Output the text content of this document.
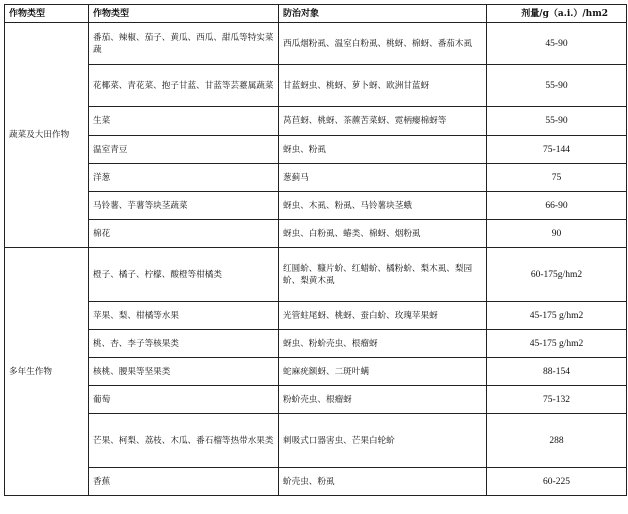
作物类型	作物类型	防治对象	剂量/g（a.i.）/hm2
蔬菜及大田作物	番茄、辣椒、茄子、黄瓜、西瓜、甜瓜等特实菜蔬	西瓜烟粉虱、温室白粉虱、桃蚜、棉蚜、番茄木虱	45-90
	花椰菜、青花菜、抱子甘蓝、甘蓝等芸薹属蔬菜	甘蓝蚜虫、桃蚜、萝卜蚜、欧洲甘蓝蚜	55-90
	生菜	莴苣蚜、桃蚜、茶藨苦菜蚜、霓柄瘿棉蚜等	55-90
	温室青豆	蚜虫、粉虱	75-144
	洋葱	葱蓟马	75
	马铃薯、芋薯等块茎蔬菜	蚜虫、木虱、粉虱、马铃薯块茎蛾	66-90
	棉花	蚜虫、白粉虱、蝽类、棉蚜、烟粉虱	90
多年生作物	橙子、橘子、柠檬、酸橙等柑橘类	红圆蚧、糠片蚧、红蜡蚧、橘粉蚧、梨木虱、梨园蚧、梨黄木虱	60-175g/hm2
	苹果、梨、柑橘等水果	光管蛀尾蚜、桃蚜、蚕白蚧、玫瑰苹果蚜	45-175 g/hm2
	桃、杏、李子等核果类	蚜虫、粉蚧壳虫、根瘤蚜	45-175 g/hm2
	核桃、腰果等坚果类	蛇麻疣额蚜、二斑叶螨	88-154
	葡萄	粉蚧壳虫、根瘤蚜	75-132
	芒果、柯梨、荔枝、木瓜、番石榴等热带水果类	刺吸式口器害虫、芒果白轮蚧	288
	香蕉	蚧壳虫、粉虱	60-225
